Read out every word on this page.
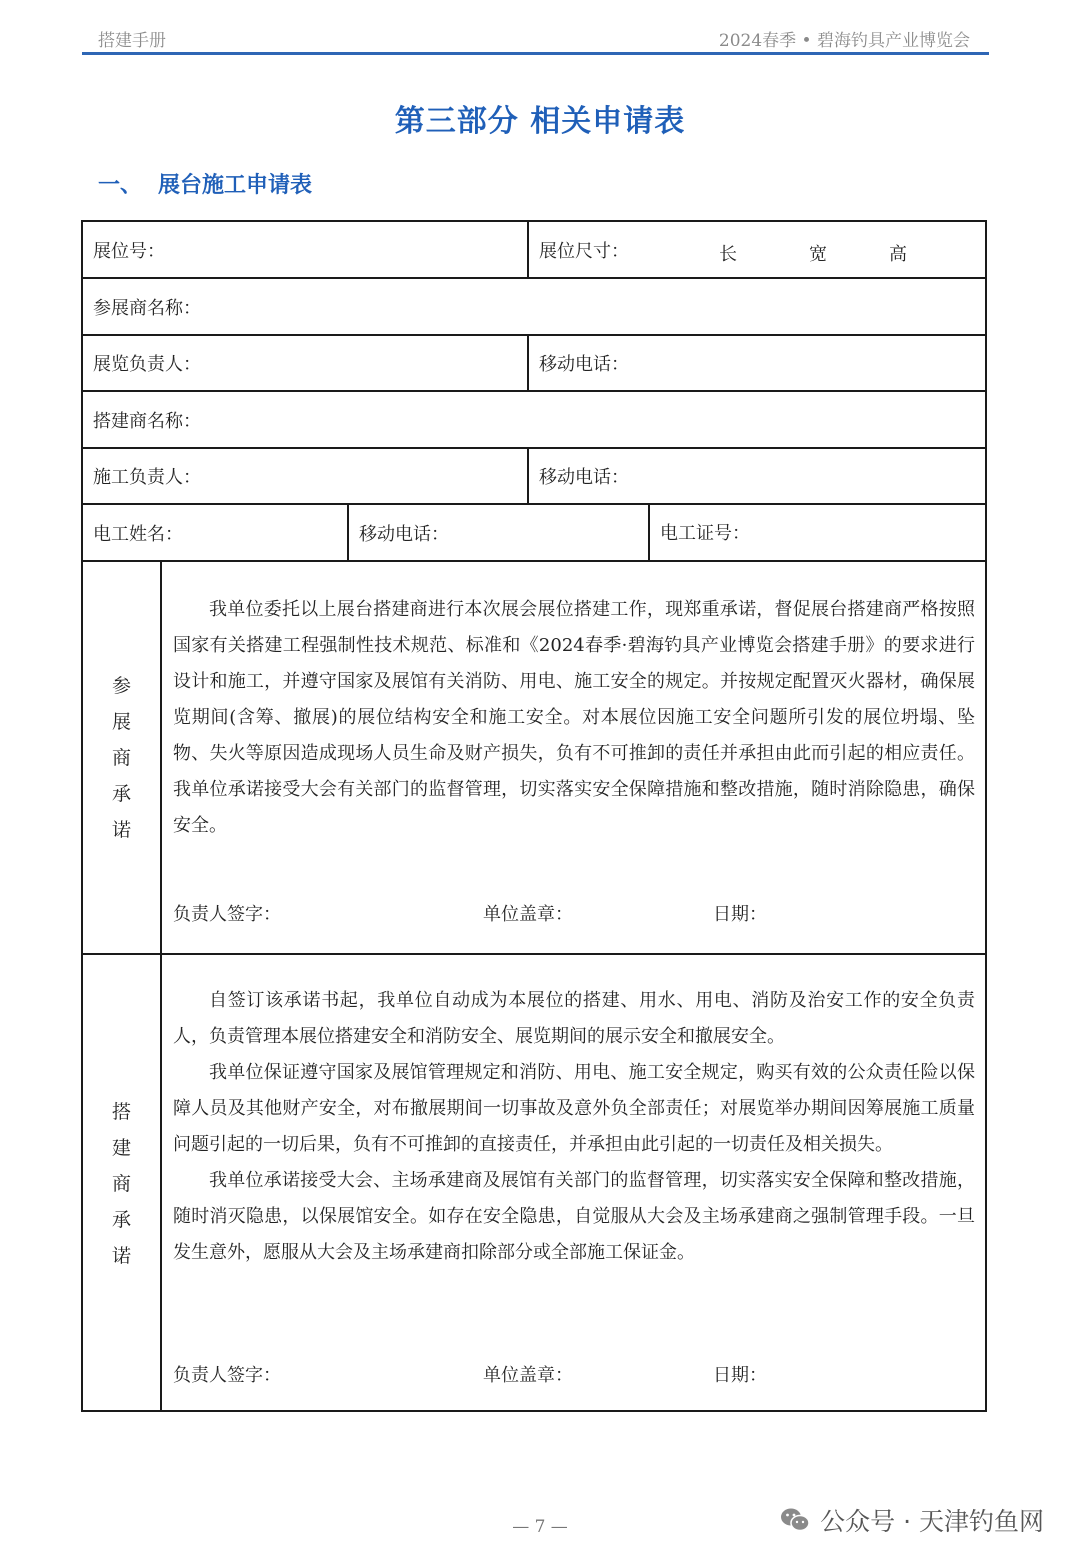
搭建手册	2024春季 • 碧海钓具产业博览会
第三部分 相关申请表
一、 展台施工申请表
展位号：	展位尺寸：	长	宽	高
参展商名称：
展览负责人：	移动电话：
搭建商名称：
施工负责人：	移动电话：
电工姓名：	移动电话：	电工证号：
参
展
商
承
诺

我单位委托以上展台搭建商进行本次展会展位搭建工作，现郑重承诺，督促展台搭建商严格按照国家有关搭建工程强制性技术规范、标准和《2024春季·碧海钓具产业博览会搭建手册》的要求进行设计和施工，并遵守国家及展馆有关消防、用电、施工安全的规定。并按规定配置灭火器材，确保展览期间(含筹、撤展)的展位结构安全和施工安全。对本展位因施工安全问题所引发的展位坍塌、坠物、失火等原因造成现场人员生命及财产损失，负有不可推卸的责任并承担由此而引起的相应责任。我单位承诺接受大会有关部门的监督管理，切实落实安全保障措施和整改措施，随时消除隐患，确保安全。

负责人签字：	单位盖章：	日期：
搭
建
商
承
诺

自签订该承诺书起，我单位自动成为本展位的搭建、用水、用电、消防及治安工作的安全负责人，负责管理本展位搭建安全和消防安全、展览期间的展示安全和撤展安全。

我单位保证遵守国家及展馆管理规定和消防、用电、施工安全规定，购买有效的公众责任险以保障人员及其他财产安全，对布撤展期间一切事故及意外负全部责任；对展览举办期间因筹展施工质量问题引起的一切后果，负有不可推卸的直接责任，并承担由此引起的一切责任及相关损失。

我单位承诺接受大会、主场承建商及展馆有关部门的监督管理，切实落实安全保障和整改措施，随时消灭隐患，以保展馆安全。如存在安全隐患，自觉服从大会及主场承建商之强制管理手段。一旦发生意外，愿服从大会及主场承建商扣除部分或全部施工保证金。

负责人签字：	单位盖章：	日期：
— 7 —	公众号 · 天津钓鱼网
